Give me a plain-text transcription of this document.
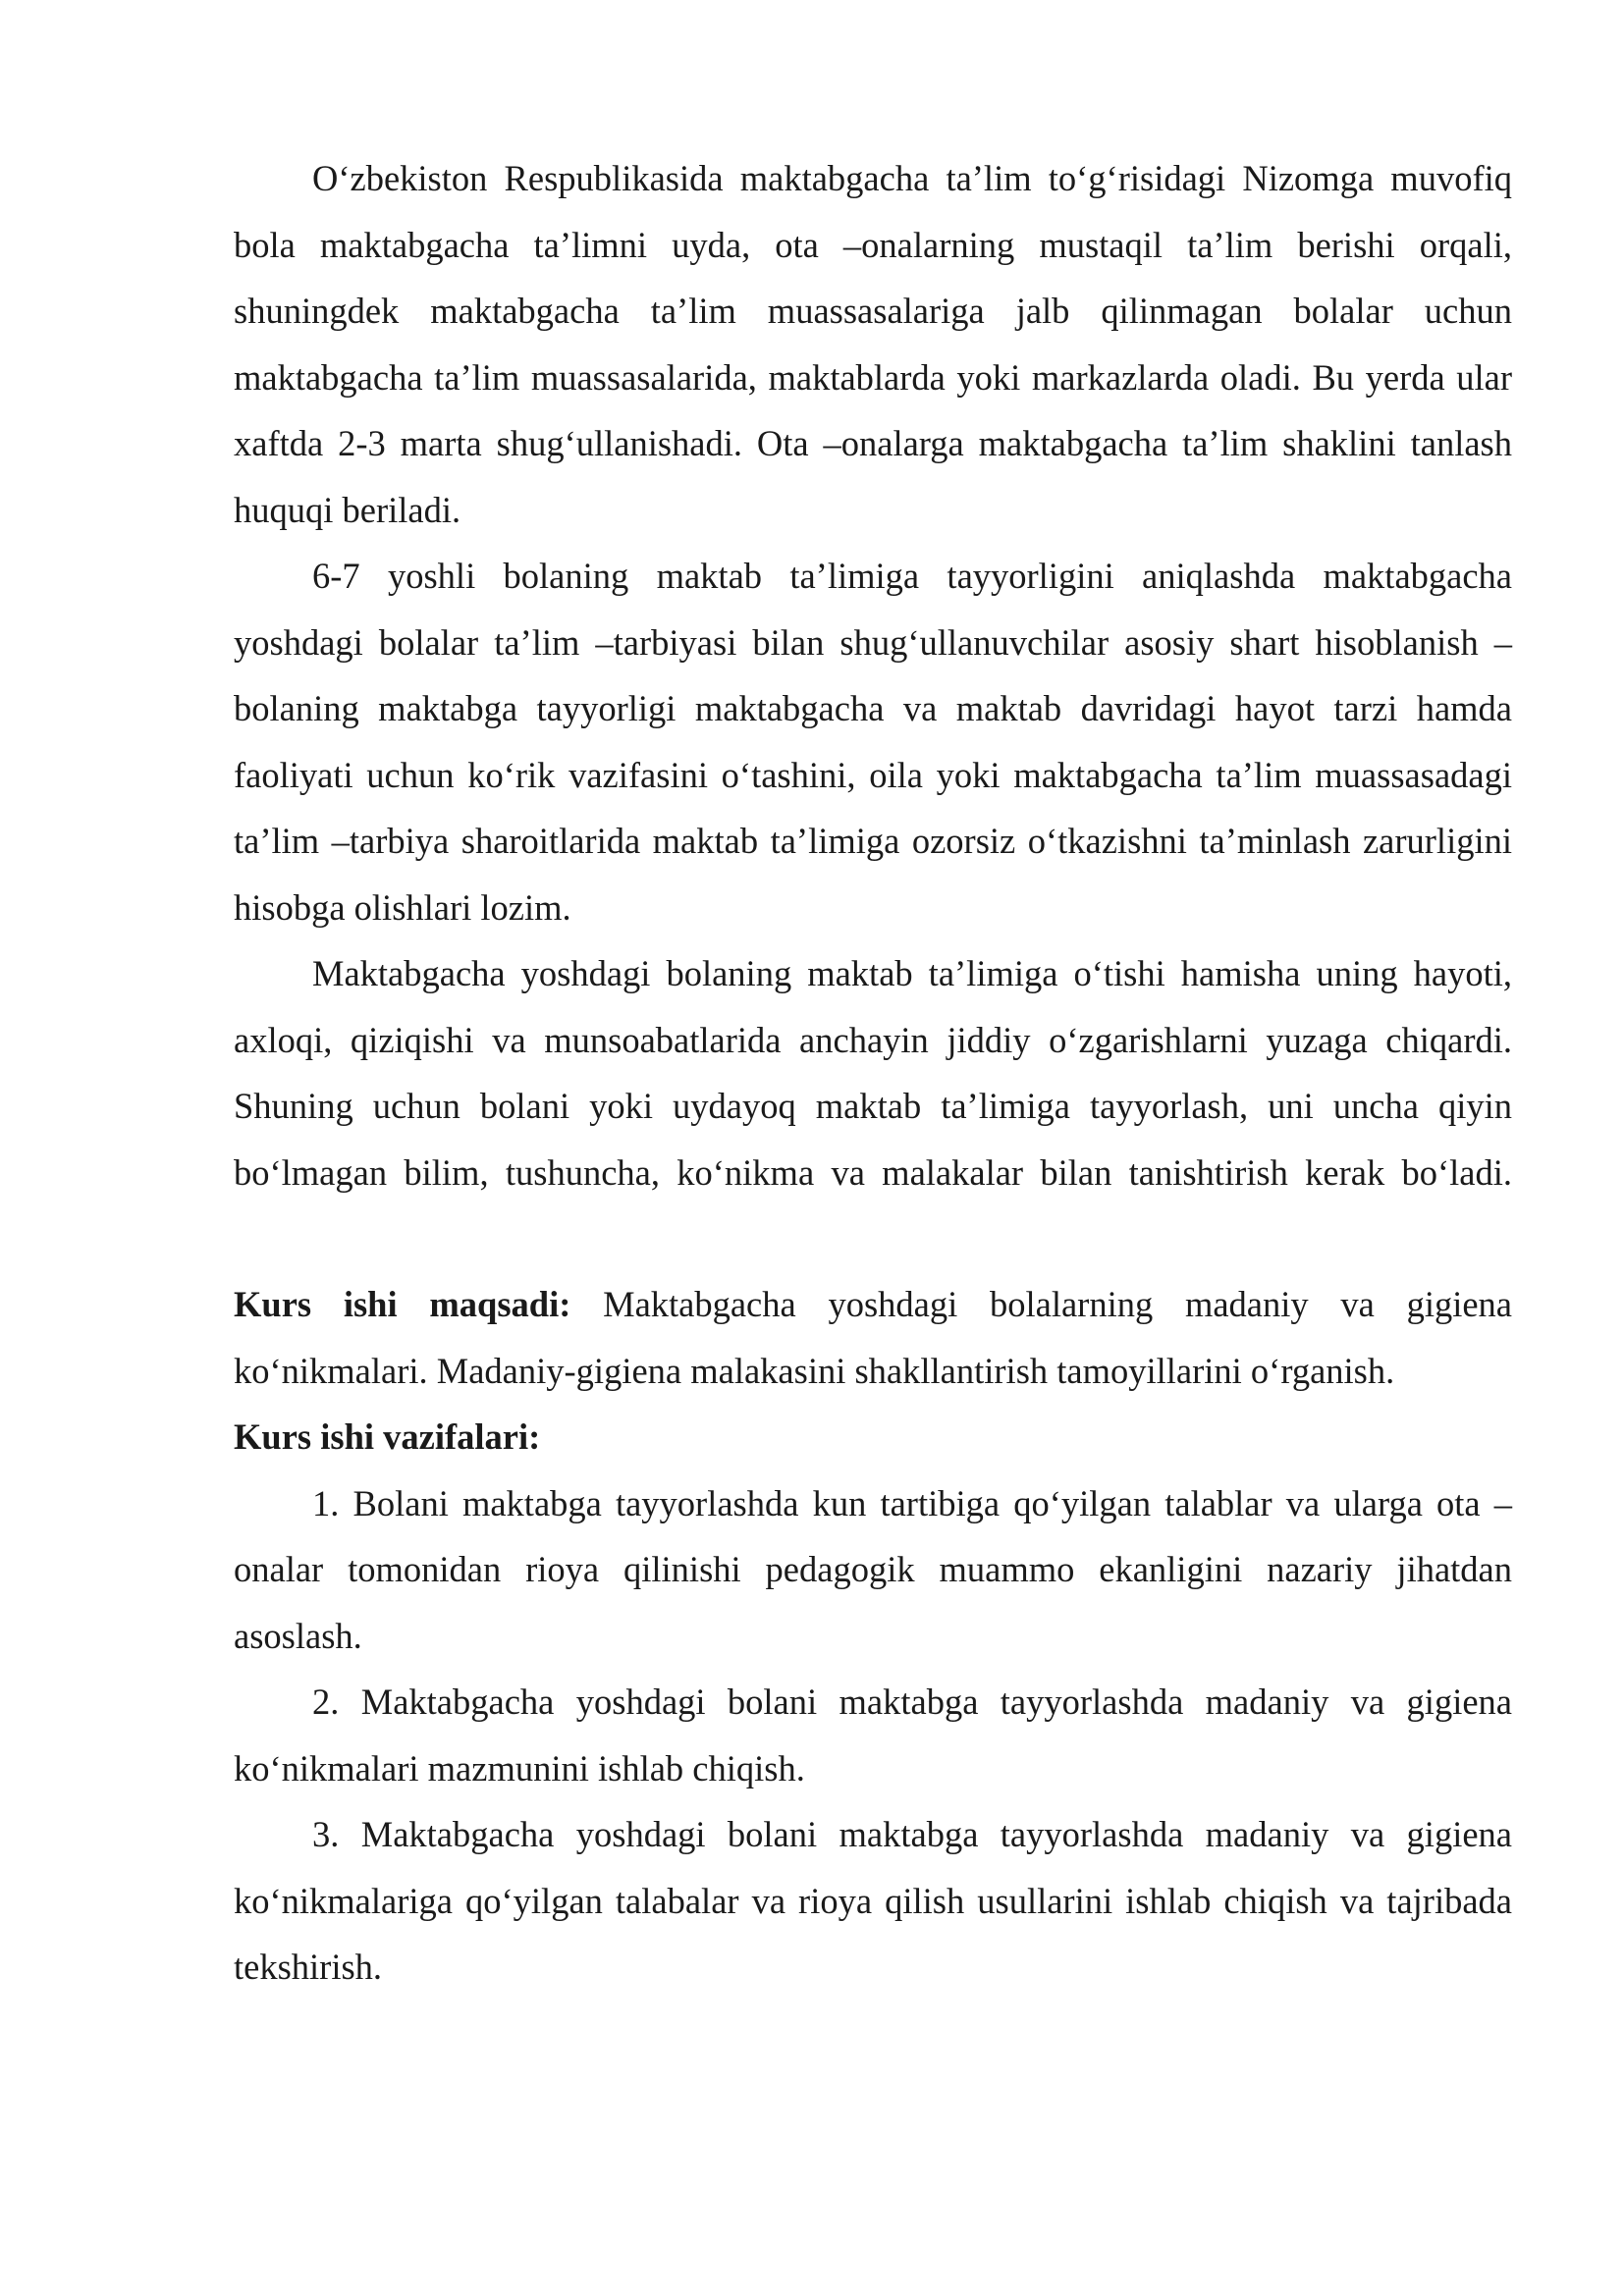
O‘zbekiston Respublikasida maktabgacha ta’lim to‘g‘risidagi Nizomga muvofiq bola maktabgacha ta’limni uyda, ota –onalarning mustaqil ta’lim berishi orqali, shuningdek maktabgacha ta’lim muassasalariga jalb qilinmagan bolalar uchun maktabgacha ta’lim muassasalarida, maktablarda yoki markazlarda oladi. Bu yerda ular xaftda 2-3 marta shug‘ullanishadi. Ota –onalarga maktabgacha ta’lim shaklini tanlash huquqi beriladi.

6-7 yoshli bolaning maktab ta’limiga tayyorligini aniqlashda maktabgacha yoshdagi bolalar ta’lim –tarbiyasi bilan shug‘ullanuvchilar asosiy shart hisoblanish – bolaning maktabga tayyorligi maktabgacha va maktab davridagi hayot tarzi hamda faoliyati uchun ko‘rik vazifasini o‘tashini, oila yoki maktabgacha ta’lim muassasadagi ta’lim –tarbiya sharoitlarida maktab ta’limiga ozorsiz o‘tkazishni ta’minlash zarurligini hisobga olishlari lozim.

Maktabgacha yoshdagi bolaning maktab ta’limiga o‘tishi hamisha uning hayoti, axloqi, qiziqishi va munsoabatlarida anchayin jiddiy o‘zgarishlarni yuzaga chiqardi. Shuning uchun bolani yoki uydayoq maktab ta’limiga tayyorlash, uni uncha qiyin bo‘lmagan bilim, tushuncha, ko‘nikma va malakalar bilan tanishtirish kerak bo‘ladi.

Kurs ishi maqsadi: Maktabgacha yoshdagi bolalarning madaniy va gigiena ko‘nikmalari. Madaniy-gigiena malakasini shakllantirish tamoyillarini o‘rganish.

Kurs ishi vazifalari:

1. Bolani maktabga tayyorlashda kun tartibiga qo‘yilgan talablar va ularga ota –onalar tomonidan rioya qilinishi pedagogik muammo ekanligini nazariy jihatdan asoslash.

2. Maktabgacha yoshdagi bolani maktabga tayyorlashda madaniy va gigiena ko‘nikmalari mazmunini ishlab chiqish.

3. Maktabgacha yoshdagi bolani maktabga tayyorlashda madaniy va gigiena ko‘nikmalariga qo‘yilgan talabalar va rioya qilish usullarini ishlab chiqish va tajribada tekshirish.
